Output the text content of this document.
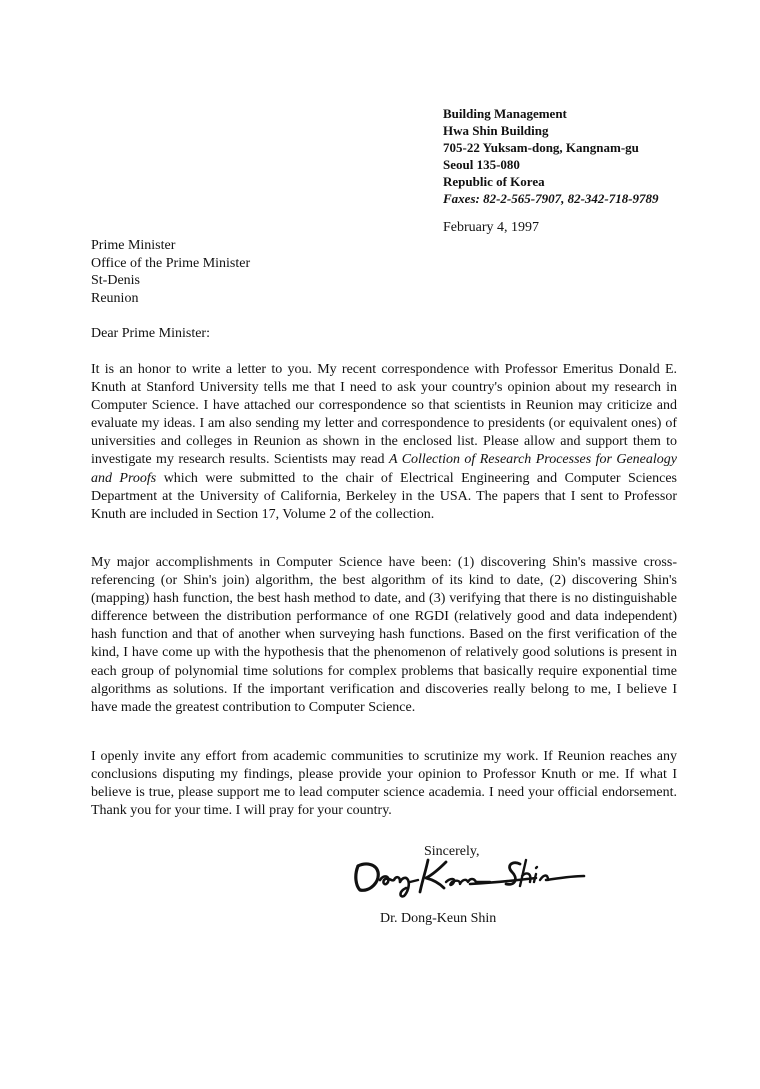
Building Management
Hwa Shin Building
705-22 Yuksam-dong, Kangnam-gu
Seoul 135-080
Republic of Korea
Faxes: 82-2-565-7907, 82-342-718-9789
February 4, 1997
Prime Minister
Office of the Prime Minister
St-Denis
Reunion
Dear Prime Minister:

It is an honor to write a letter to you. My recent correspondence with Professor Emeritus Donald E. Knuth at Stanford University tells me that I need to ask your country's opinion about my research in Computer Science. I have attached our correspondence so that scientists in Reunion may criticize and evaluate my ideas. I am also sending my letter and correspondence to presidents (or equivalent ones) of universities and colleges in Reunion as shown in the enclosed list. Please allow and support them to investigate my research results. Scientists may read A Collection of Research Processes for Genealogy and Proofs which were submitted to the chair of Electrical Engineering and Computer Sciences Department at the University of California, Berkeley in the USA. The papers that I sent to Professor Knuth are included in Section 17, Volume 2 of the collection.

My major accomplishments in Computer Science have been: (1) discovering Shin's massive cross-referencing (or Shin's join) algorithm, the best algorithm of its kind to date, (2) discovering Shin's (mapping) hash function, the best hash method to date, and (3) verifying that there is no distinguishable difference between the distribution performance of one RGDI (relatively good and data independent) hash function and that of another when surveying hash functions. Based on the first verification of the kind, I have come up with the hypothesis that the phenomenon of relatively good solutions is present in each group of polynomial time solutions for complex problems that basically require exponential time algorithms as solutions. If the important verification and discoveries really belong to me, I believe I have made the greatest contribution to Computer Science.

I openly invite any effort from academic communities to scrutinize my work. If Reunion reaches any conclusions disputing my findings, please provide your opinion to Professor Knuth or me. If what I believe is true, please support me to lead computer science academia. I need your official endorsement. Thank you for your time. I will pray for your country.

Sincerely,
Dr. Dong-Keun Shin
